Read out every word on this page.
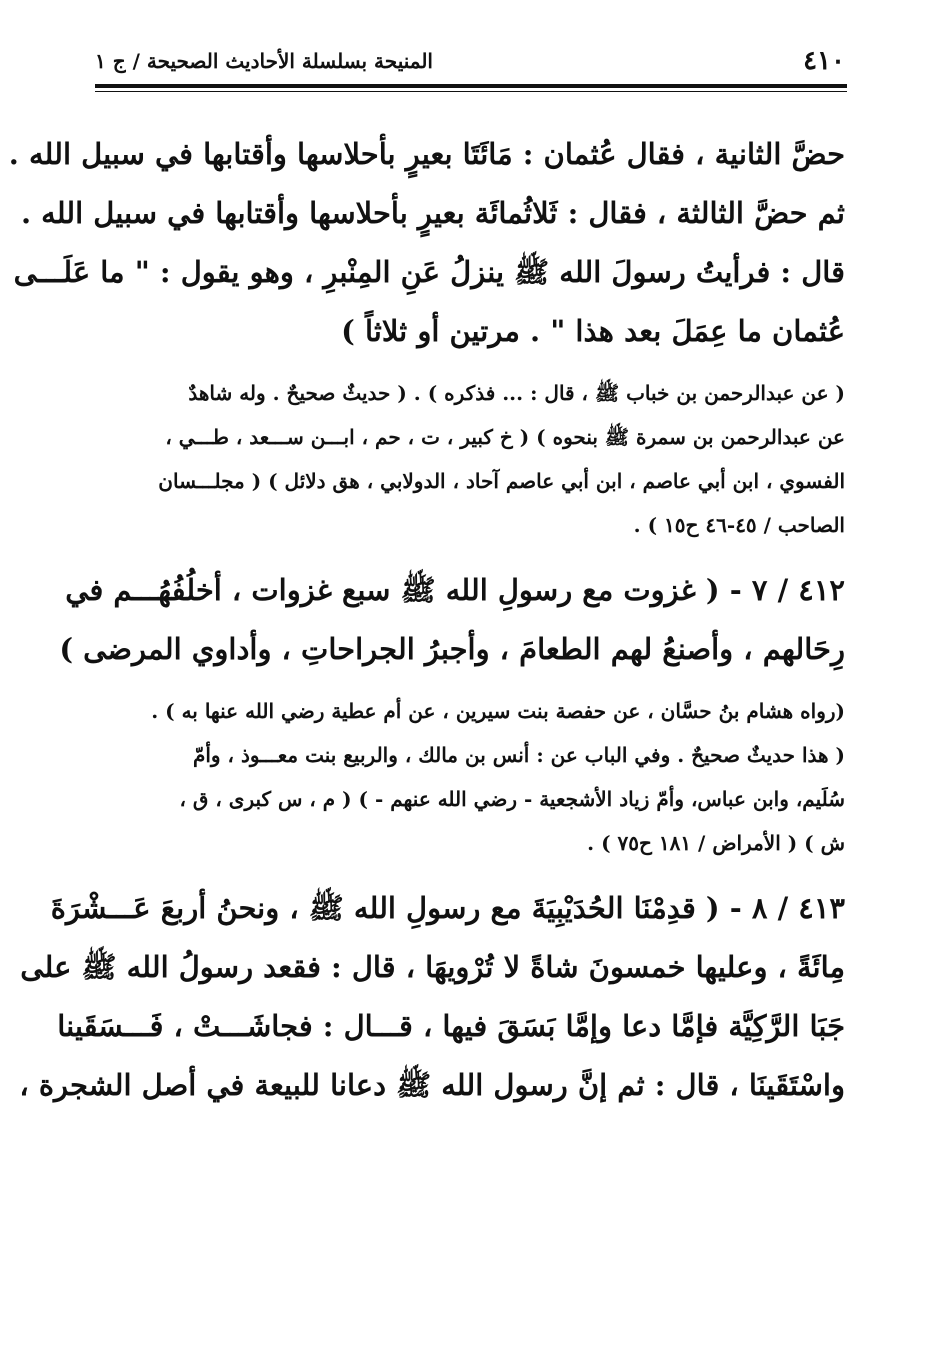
٤١٠
المنيحة بسلسلة الأحاديث الصحيحة / ج ١
حضَّ الثانية ، فقال عُثمان : مَائَتَا بعيرٍ بأحلاسها وأقتابها في سبيل الله .
ثم حضَّ الثالثة ، فقال : ثَلاثُمائَة بعيرٍ بأحلاسها وأقتابها في سبيل الله .
قال : فرأيتُ رسولَ الله ﷺ ينزلُ عَنِ المِنْبرِ ، وهو يقول : " ما عَلَـــى
عُثمان ما عِمَلَ بعد هذا " . مرتين أو ثلاثاً )
( عن عبدالرحمن بن خباب ﷺ ، قال : ... فذكره ) . ( حديثٌ صحيحٌ . وله شاهدٌ
عن عبدالرحمن بن سمرة ﷺ بنحوه ) ( خ كبير ، ت ، حم ، ابـــن ســـعد ، طـــي ،
الفسوي ، ابن أبي عاصم ، ابن أبي عاصم آحاد ، الدولابي ، هق دلائل ) ( مجلـــسان
الصاحب / ٤٥-٤٦ ح١٥ ) .
٤١٢ / ٧ - ( غزوت مع رسولِ الله ﷺ سبع غزوات ، أخلُفُهُـــم في
رِحَالهم ، وأصنعُ لهم الطعامَ ، وأجبرُ الجراحاتِ ، وأداوي المرضى )
(رواه هشام بنُ حسَّان ، عن حفصة بنت سيرين ، عن أم عطية رضي الله عنها به ) .
( هذا حديثٌ صحيحٌ . وفي الباب عن : أنس بن مالك ، والربيع بنت معـــوذ ، وأمّ
سُلَيم، وابن عباس، وأمّ زياد الأشجعية - رضي الله عنهم - ) ( م ، س كبرى ، ق ،
ش ) ( الأمراض / ١٨١ ح٧٥ ) .
٤١٣ / ٨ - ( قدِمْنَا الحُدَيْبِيَةَ مع رسولِ الله ﷺ ، ونحنُ أربعَ عَـــشْرَةَ
مِائَةً ، وعليها خمسونَ شاةً لا تُرْويهَا ، قال : فقعد رسولُ الله ﷺ على
جَبَا الرَّكِيَّة فإمَّا دعا وإمَّا بَسَقَ فيها ، قـــال : فجاشَـــتْ ، فَـــسَقَينا
واسْتَقَينَا ، قال : ثم إنَّ رسول الله ﷺ دعانا للبيعة في أصل الشجرة ،
